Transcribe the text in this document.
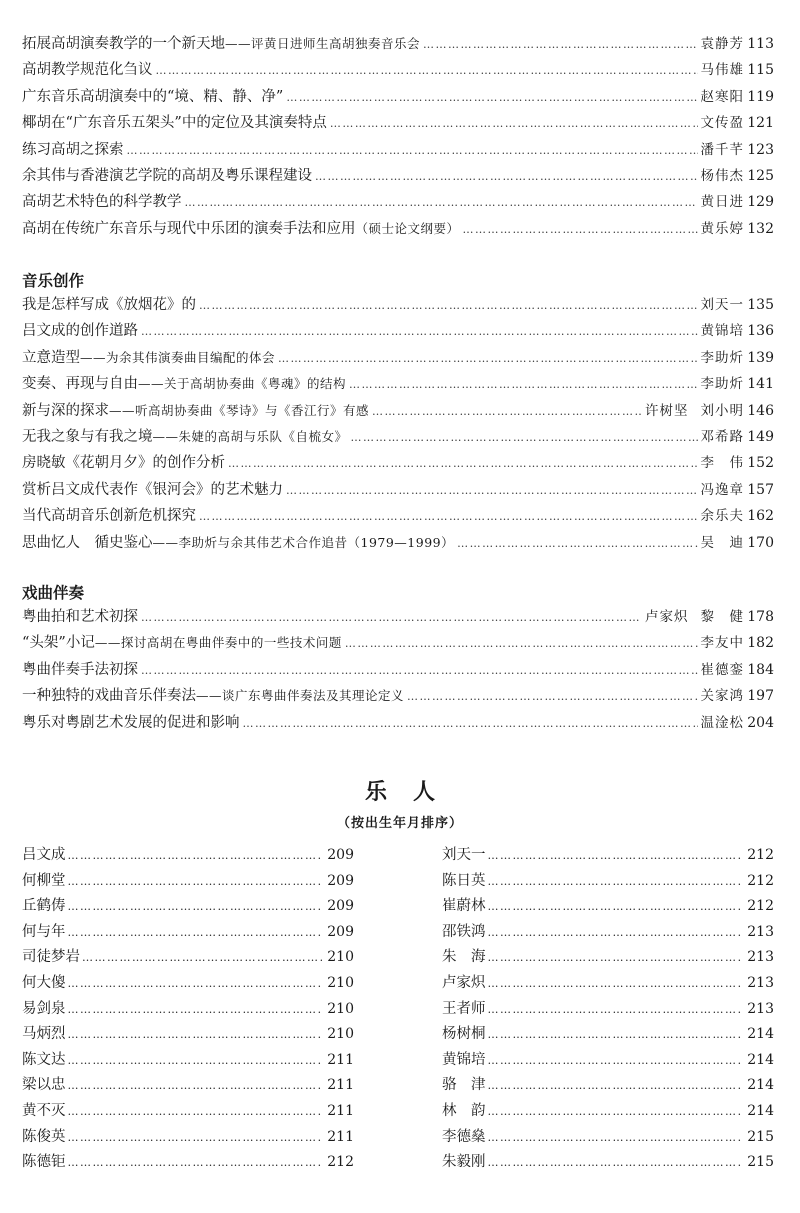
拓展高胡演奏教学的一个新天地——评黄日进师生高胡独奏音乐会 ………………………………………………………………………………………………………………………………………………………………………………………………………………	袁静芳 113
高胡教学规范化刍议 ………………………………………………………………………………………………………………………………………………………………………………………………………………	马伟雄 115
广东音乐高胡演奏中的“境、精、静、净” ………………………………………………………………………………………………………………………………………………………………………………………………………………	赵寒阳 119
椰胡在“广东音乐五架头”中的定位及其演奏特点 ………………………………………………………………………………………………………………………………………………………………………………………………………………	文传盈 121
练习高胡之探索 ………………………………………………………………………………………………………………………………………………………………………………………………………………	潘千芊 123
余其伟与香港演艺学院的高胡及粤乐课程建设 ………………………………………………………………………………………………………………………………………………………………………………………………………………	杨伟杰 125
高胡艺术特色的科学教学 ………………………………………………………………………………………………………………………………………………………………………………………………………………	黄日进 129
高胡在传统广东音乐与现代中乐团的演奏手法和应用（硕士论文纲要） ………………………………………………………………………………………………………………………………………………………………………………………………………………	黄乐婷 132
音乐创作
我是怎样写成《放烟花》的 ………………………………………………………………………………………………………………………………………………………………………………………………………………	刘天一 135
吕文成的创作道路 ………………………………………………………………………………………………………………………………………………………………………………………………………………	黄锦培 136
立意造型——为余其伟演奏曲目编配的体会 ………………………………………………………………………………………………………………………………………………………………………………………………………………	李助炘 139
变奏、再现与自由——关于高胡协奏曲《粤魂》的结构 ………………………………………………………………………………………………………………………………………………………………………………………………………………	李助炘 141
新与深的探求——听高胡协奏曲《琴诗》与《香江行》有感 ………………………………………………………………………………………………………………………………………………………………………………………………………………	许树坚 刘小明 146
无我之象与有我之境——朱婕的高胡与乐队《自梳女》 ………………………………………………………………………………………………………………………………………………………………………………………………………………	邓希路 149
房晓敏《花朝月夕》的创作分析 ………………………………………………………………………………………………………………………………………………………………………………………………………………	李　伟 152
赏析吕文成代表作《银河会》的艺术魅力 ………………………………………………………………………………………………………………………………………………………………………………………………………………	冯逸章 157
当代高胡音乐创新危机探究 ………………………………………………………………………………………………………………………………………………………………………………………………………………	余乐夫 162
思曲忆人　循史鉴心——李助炘与余其伟艺术合作追昔（1979—1999） ………………………………………………………………………………………………………………………………………………………………………………………………………………	吴　迪 170
戏曲伴奏
粤曲拍和艺术初探 ………………………………………………………………………………………………………………………………………………………………………………………………………………	卢家炽 黎　健 178
“头架”小记——探讨高胡在粤曲伴奏中的一些技术问题 ………………………………………………………………………………………………………………………………………………………………………………………………………………	李友中 182
粤曲伴奏手法初探 ………………………………………………………………………………………………………………………………………………………………………………………………………………	崔德銮 184
一种独特的戏曲音乐伴奏法——谈广东粤曲伴奏法及其理论定义 ………………………………………………………………………………………………………………………………………………………………………………………………………………	关家鸿 197
粤乐对粤剧艺术发展的促进和影响 ………………………………………………………………………………………………………………………………………………………………………………………………………………	温淦松 204
乐人
（按出生年月排序）
吕文成 ………………………………………………………………………………………………	209
何柳堂 ………………………………………………………………………………………………	209
丘鹤俦 ………………………………………………………………………………………………	209
何与年 ………………………………………………………………………………………………	209
司徒梦岩 ………………………………………………………………………………………………	210
何大傻 ………………………………………………………………………………………………	210
易剑泉 ………………………………………………………………………………………………	210
马炳烈 ………………………………………………………………………………………………	210
陈文达 ………………………………………………………………………………………………	211
梁以忠 ………………………………………………………………………………………………	211
黄不灭 ………………………………………………………………………………………………	211
陈俊英 ………………………………………………………………………………………………	211
陈德钜 ………………………………………………………………………………………………	212
刘天一 ………………………………………………………………………………………………	212
陈日英 ………………………………………………………………………………………………	212
崔蔚林 ………………………………………………………………………………………………	212
邵铁鸿 ………………………………………………………………………………………………	213
朱　海 ………………………………………………………………………………………………	213
卢家炽 ………………………………………………………………………………………………	213
王者师 ………………………………………………………………………………………………	213
杨树桐 ………………………………………………………………………………………………	214
黄锦培 ………………………………………………………………………………………………	214
骆　津 ………………………………………………………………………………………………	214
林　韵 ………………………………………………………………………………………………	214
李德燊 ………………………………………………………………………………………………	215
朱毅刚 ………………………………………………………………………………………………	215
